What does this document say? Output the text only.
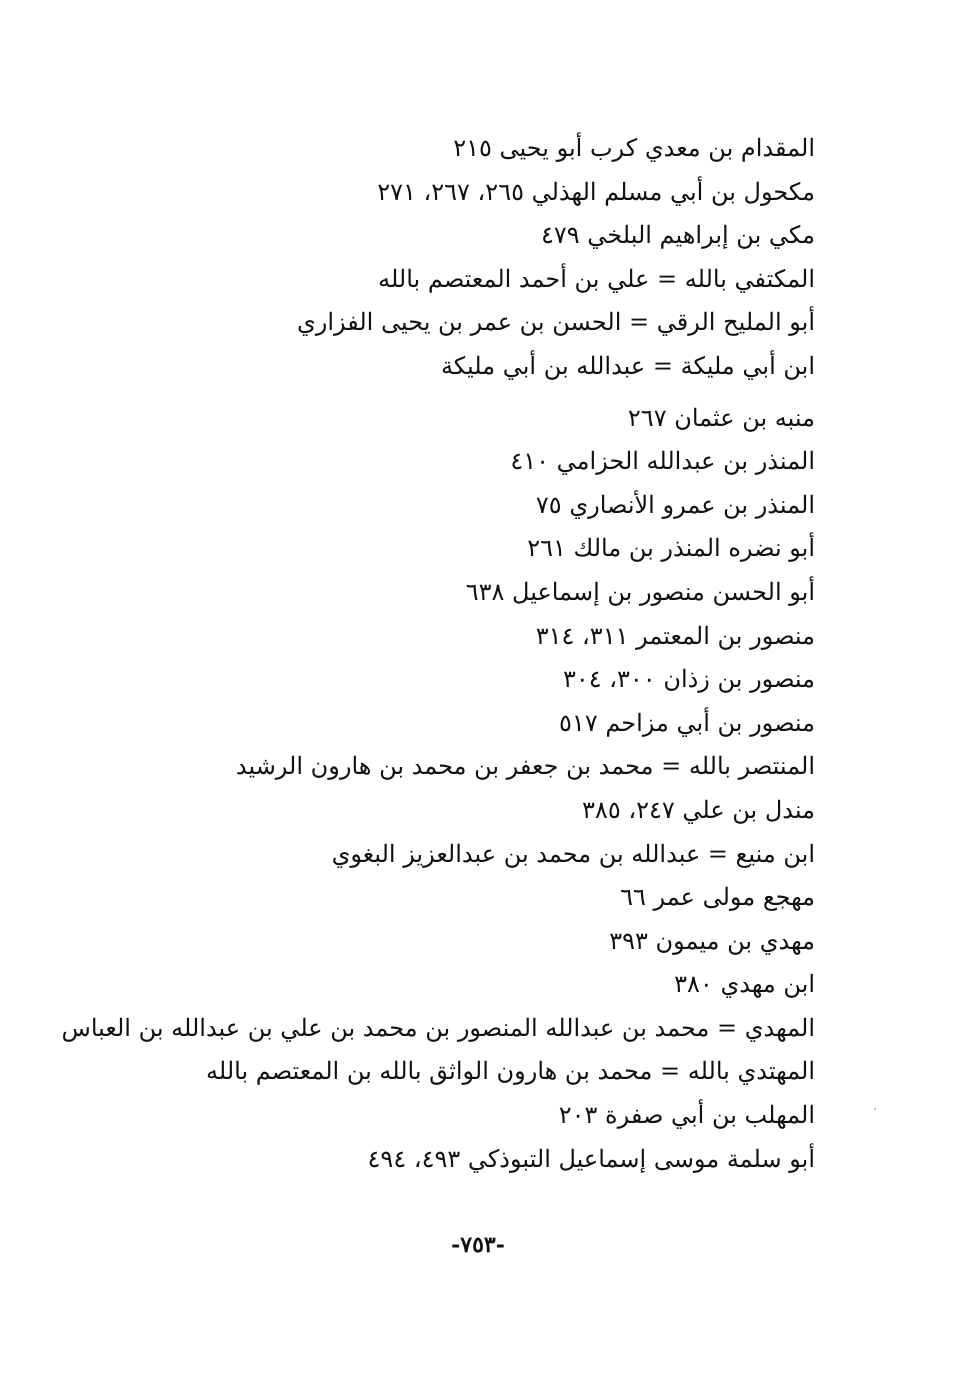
المقدام بن معدي كرب أبو يحيى ٢١٥
مكحول بن أبي مسلم الهذلي ٢٦٥، ٢٦٧، ٢٧١
مكي بن إبراهيم البلخي ٤٧٩
المكتفي بالله = علي بن أحمد المعتصم بالله
أبو المليح الرقي = الحسن بن عمر بن يحيى الفزاري
ابن أبي مليكة = عبدالله بن أبي مليكة
منبه بن عثمان ٢٦٧
المنذر بن عبدالله الحزامي ٤١٠
المنذر بن عمرو الأنصاري ٧٥
أبو نضره المنذر بن مالك ٢٦١
أبو الحسن منصور بن إسماعيل ٦٣٨
منصور بن المعتمر ٣١١، ٣١٤
منصور بن زذان ٣٠٠، ٣٠٤
منصور بن أبي مزاحم ٥١٧
المنتصر بالله = محمد بن جعفر بن محمد بن هارون الرشيد
مندل بن علي ٢٤٧، ٣٨٥
ابن منيع = عبدالله بن محمد بن عبدالعزيز البغوي
مهجع مولى عمر ٦٦
مهدي بن ميمون ٣٩٣
ابن مهدي ٣٨٠
المهدي = محمد بن عبدالله المنصور بن محمد بن علي بن عبدالله بن العباس
المهتدي بالله = محمد بن هارون الواثق بالله بن المعتصم بالله
المهلب بن أبي صفرة ٢٠٣
أبو سلمة موسى إسماعيل التبوذكي ٤٩٣، ٤٩٤
-٧٥٣-
